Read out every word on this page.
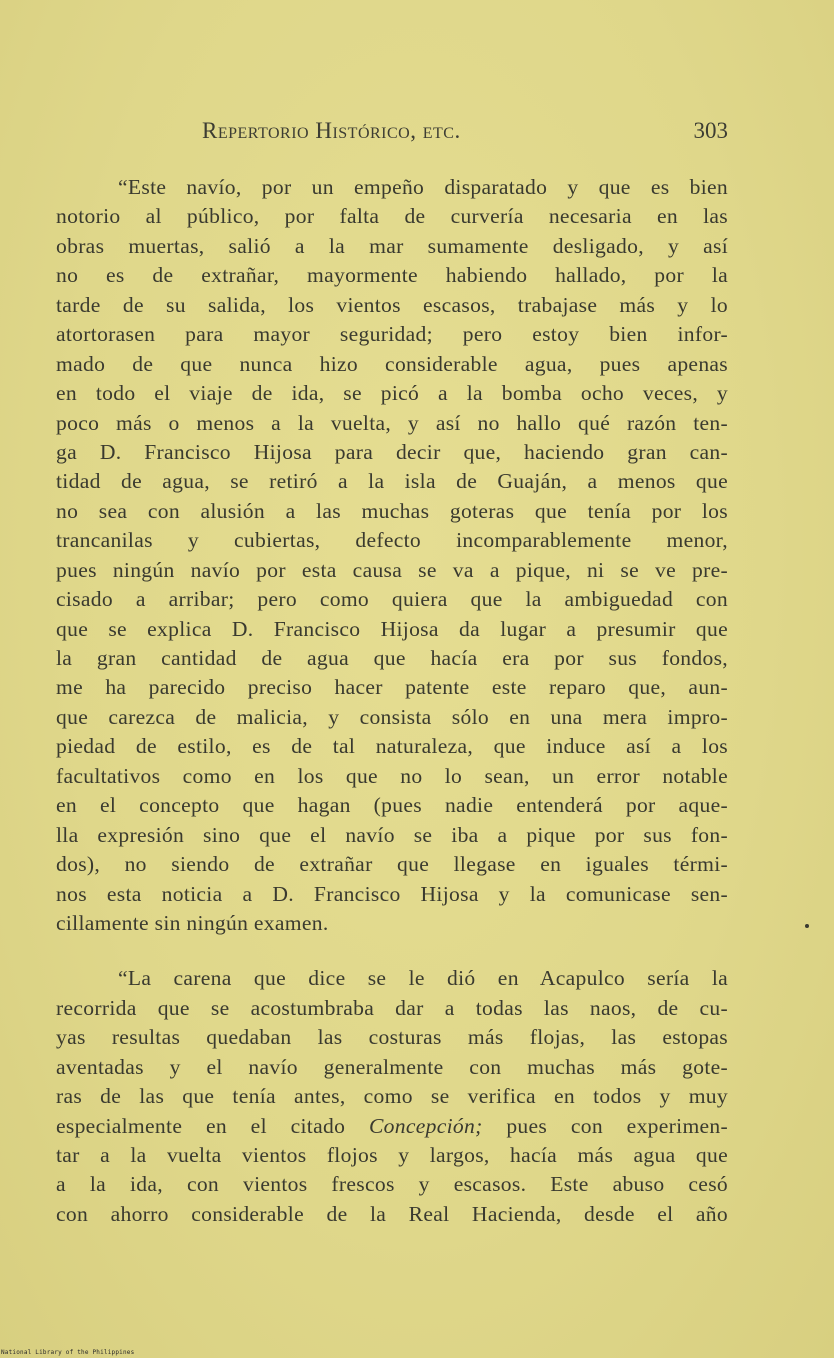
Repertorio Histórico, etc.	303
“Este navío, por un empeño disparatado y que es bien
notorio al público, por falta de curvería necesaria en las
obras muertas, salió a la mar sumamente desligado, y así
no es de extrañar, mayormente habiendo hallado, por la
tarde de su salida, los vientos escasos, trabajase más y lo
atortorasen para mayor seguridad; pero estoy bien infor-
mado de que nunca hizo considerable agua, pues apenas
en todo el viaje de ida, se picó a la bomba ocho veces, y
poco más o menos a la vuelta, y así no hallo qué razón ten-
ga D. Francisco Hijosa para decir que, haciendo gran can-
tidad de agua, se retiró a la isla de Guaján, a menos que
no sea con alusión a las muchas goteras que tenía por los
trancanilas y cubiertas, defecto incomparablemente menor,
pues ningún navío por esta causa se va a pique, ni se ve pre-
cisado a arribar; pero como quiera que la ambiguedad con
que se explica D. Francisco Hijosa da lugar a presumir que
la gran cantidad de agua que hacía era por sus fondos,
me ha parecido preciso hacer patente este reparo que, aun-
que carezca de malicia, y consista sólo en una mera impro-
piedad de estilo, es de tal naturaleza, que induce así a los
facultativos como en los que no lo sean, un error notable
en el concepto que hagan (pues nadie entenderá por aque-
lla expresión sino que el navío se iba a pique por sus fon-
dos), no siendo de extrañar que llegase en iguales térmi-
nos esta noticia a D. Francisco Hijosa y la comunicase sen-
cillamente sin ningún examen.
“La carena que dice se le dió en Acapulco sería la
recorrida que se acostumbraba dar a todas las naos, de cu-
yas resultas quedaban las costuras más flojas, las estopas
aventadas y el navío generalmente con muchas más gote-
ras de las que tenía antes, como se verifica en todos y muy
especialmente en el citado Concepción; pues con experimen-
tar a la vuelta vientos flojos y largos, hacía más agua que
a la ida, con vientos frescos y escasos. Este abuso cesó
con ahorro considerable de la Real Hacienda, desde el año
National Library of the Philippines
